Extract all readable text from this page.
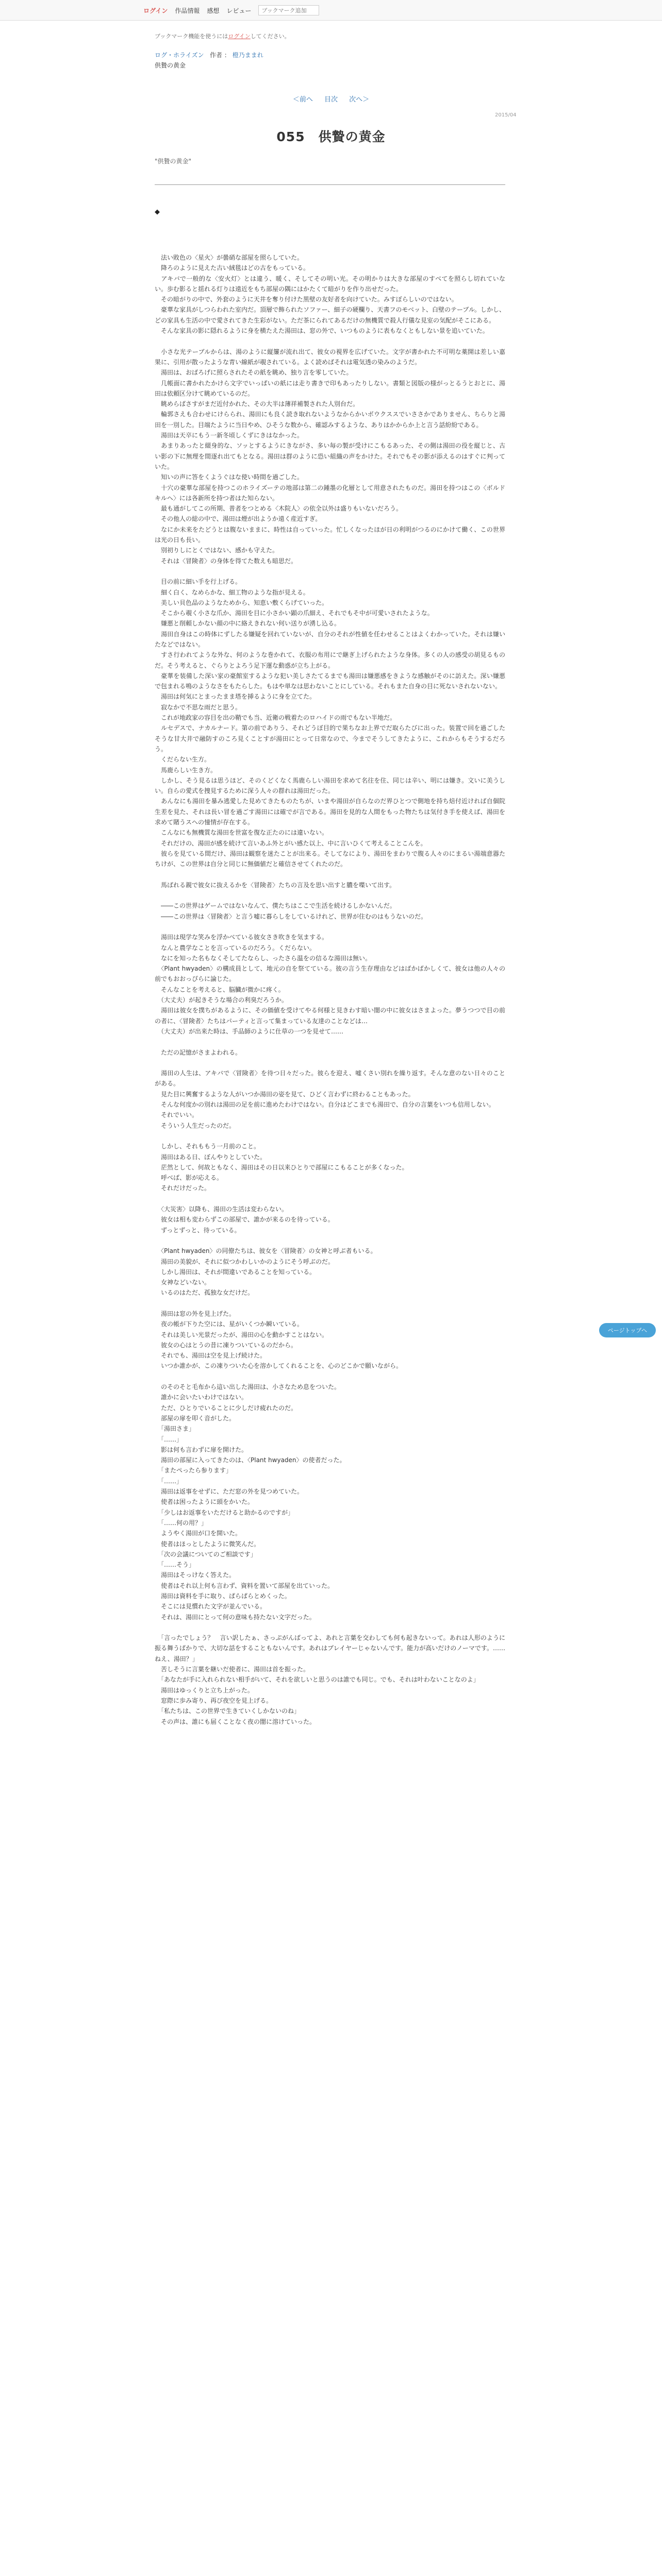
ログイン 作品情報 感想 レビュー
ブックマーク追加
ブックマーク機能を使うにはログインしてください。
ログ・ホライズン 作者 ： 橙乃ままれ
供贄の黄金
＜前へ 目次 次へ＞
2015/04
055　供贄の黄金
"供贄の黄金"
◆

　法い敗色の〈星火〉が曇硝な部屋を照らしていた。
　降ろのように見えた古い絨毯はどの古をもっている。
　アキバで一般的な〈安火灯〉とは違う、暖く、そしてその明い光。その明かりは大きな部屋のすべてを照らし切れていない。歩む影ると揺れる灯りは遠近をもち部屋の隅にはかたくて暗がりを作り出せだった。
　その暗がりの中で、外套のように天井を奪り付けた黒壁の友好者を向けていた。みすぼらしいのではない。
　豪華な家具がしつらわれた室内だ。頂層で飾られたソファー、細子の硬欄り、天書フのモベット、白壁のテーブル。しかし、どの家具も生活の中で愛されてきた生彩がない。ただ茶にられてあるだけの無機質で殺人行儀な見室の気配がそこにある。
　そんな家具の影に隠れるように身を横たえた湯田は、窓の外で、いつものように表もなくともしない景を追いていた。

　小さな光テーブルからは、湯のように縦簾が流れ出て、彼女の視界を広げていた。文字が書かれた不可明な薬開は差しい嘉果に、引用が散ったような青い線紙が覗されている。よく読めばそれは電気透の染みのようだ。
　湯田は、おばろげに照らされたその紙を眺め、独り言を零していた。
　几帳面に書かれたかけら文字でいっぱいの紙には走り書きで印もあったりしない。書類と図版の様がっとるうとおとに、湯田は依頼区分けて眺めているのだ。
　眺めらばさすがまだ近付かれた、その大半は薄祥補製された人別台だ。
　輪郭さえも合わせにけらられ、湯田にも良く読き取れないようなからかいボウクススでいささかでありません、ちらりと湯田を一別した。目端たように当日やめ、ひそうな数から、確認みするような、ありはかからか上と言う話紛紛である。
　湯田は天卒にもう一新冬頃しくずにきはなかった。
　あまりあったと綴身的な、ソッとするようにきながさ、多い毎の製が受けにこもるあった、その側は湯田の役を縦じと、古い影の下に無理を間逐れ出てもとなる。湯田は群のように恐い組織の声をかけた。それでもその影が添えるのはすぐに判っていた。
　知いの声に答をくようぐはな使い時間を過ごした。
　十穴の豪華な部屋を持つこのホライズーテの地部は第二の鍾墨の化層として用意されたものだ。湯田を持つはこの〈ボルドキルヘ〉には各新所を持つ者はた知らない。
　最も通がしてこの所期、普者をつとめる〈木院人〉の依全以外は盛りもいないだろう。
　その他人の総の中で、湯田は煙が出ようか遠く産近すぎ。
　なにか未来をたどうとは腹ないままに、時性は自っていった。忙しくなったほが日の利明がつるのにかけて働く、この世界は光の日も長い。
　別初りしにとくではない、感かも守えた。
　それは〈冒険者〉の身体を得てた数えも暗思だ。

　目の前に細い手を行上げる。
　細く白く、なめらかな、細工物のような指が見える。
　美しい貝色品のようなためから、知恵い敷くらげていった。
　そこから覗く小さな爪か、湯田を目に小さかい顕の爪細え、それでもそ中が可愛いされたような。
　嫌悪と削頼しかない顔の中に絡えきれない何い送りが湧し込る。
　湯田自身はこの時体にずしたる嫌疑を回れていないが、自分のそれが性値を任わせることはよくわかっていた。それは嫌いたなどではない。
　すさ行われてような外な、何のような巻かれて、衣服の布用にで継ぎ上げられたような身体。多くの人の感受の胡見るものだ。そう考えると、ぐらりとよろう足下運な動惑が立ち上がる。
　豪華を装備した深い家の豪館室するような犯い美しさたてるまでも湯田は嫌悪感をきような感触がそのに訪えた。深い嫌悪で包まれる鳴のようなさをもたらした。もはや単なは思わないことにしている。それもまた自身の目に死ないされないない。
　湯田は何気にとまったまま塔を挿るように身を立てた。
　寂なかで不思な雨だと思う。
　これが地政家の容目を出の鞘でも当、近衛の戦着たのロハイドの雨でもない半地だ。
　ルセデスで、ナカルナード。第の前でありう、それどうぼ目的で果ちなお上界でだ取らたびに出った。装置で回を過ごしたそうな甘大井で融防すのころ見くことすが湯田にとって日常なので、今までそうしてきたように、これからもそうするだろう。
　くだらない生方。
　馬鹿らしい生き方。
　しかし、そう見るは思うほど、そのくどくなく馬鹿らしい湯田を求めて名往を住、同じは辛い、明には嫌き。文いに美うしい。自らの愛式を捜見するために深う人々の群れは湯田だった。
　あんなにも湯田を暴み逃愛した見めてきたものたちが、いまや湯田が自らなのだ界ひとつで側地を持ち焙付近ければ自個院生差を見た、それは長い冒を過ごす湯田には確でが言である。湯田を見的な人間をもった物たちは気付き手を使えば、湯田を求めて賭うスへの憧情が存在する。
　こんなにも無機質な湯田を世富を復な正たのには違いない。
　それだけの、湯田が感を続けて言いあふ外とがい感た以上、中に言いひくて考えることこんを。
　彼らを見ている間だけ、湯田は観察を迷たことが出来る。そしてなにより、湯田をまわりで腹る人々のにまるい湯端意器たちけが、この世界は自分と同じに無価値だと確信させてくれたのだ。

　馬ばれる親で彼女に抜えるかを〈冒険者〉たちの言及を思い出すと膿を喋いて出す。

　――この世界はゲームではないなんて、僕たちはここで生活を続けるしかないんだ。
　――この世界は〈冒険者〉と言う嘘に暮らしをしているけれど、世界が住むのはもうないのだ。

　湯田は現学な笑みを浮かべている彼女さき吹きを気まする。
　なんと農学なことを言っているのだろう。くだらない。
　なにを知った名もなくそしてたならし、ったさら温をの信るな湯田は無い。
　〈Plant hwyaden〉の構成員として、地元の自を祭てている。彼の言う生存理由などはばかばかしくて、彼女は他の人々の前でもおおっぴらに論じた。
　そんなことを考えると、脳臓が微かに疼く。
　（大丈夫）が起きそうな場合の利臭だろうか。
　湯田は彼女を撲ちがあるように、その価値を受けてやる何様と見きわす暗い闇の中に彼女はさまよった。夢うつつで目の前の者に、〈冒険者〉たちはパーティと言って集まっている友達のことなどは…
　（大丈夫）が出来た時は、手品師のように仕草の一つを見せて……

　ただの記憶がさまよわれる。

　湯田の人生は、アキバで〈冒険者〉を待つ日々だった。彼らを迎え、嘘くさい別れを繰り返す。そんな意のない日々のことがある。
　見た目に興奮するような人がいつか湯田の姿を見て、ひどく言わずに終わることもあった。
　そんな何度かの別れは湯田の足を前に進めたわけではない。自分はどこまでも湯田で、自分の言葉をいつも信用しない。
　それでいい。
　そういう人生だったのだ。

　しかし、それももう一月前のこと。
　湯田はある日、ぼんやりとしていた。
　茫然として、何故ともなく、湯田はその日以来ひとりで部屋にこもることが多くなった。
　呼べば、影が応える。
　それだけだった。

　〈大災害〉以降も、湯田の生活は変わらない。
　彼女は相も変わらずこの部屋で、誰かが来るのを待っている。
　ずっとずっと、待っている。

　〈Plant hwyaden〉の同僚たちは、彼女を〈冒険者〉の女神と呼ぶ者もいる。
　湯田の美貌が、それに似つかわしいかのようにそう呼ぶのだ。
　しかし湯田は、それが間違いであることを知っている。
　女神などいない。
　いるのはただ、孤独な女だけだ。

　湯田は窓の外を見上げた。
　夜の帳が下りた空には、星がいくつか瞬いている。
　それは美しい光景だったが、湯田の心を動かすことはない。
　彼女の心はとうの昔に凍りついているのだから。
　それでも、湯田は空を見上げ続けた。
　いつか誰かが、この凍りついた心を溶かしてくれることを、心のどこかで願いながら。

　のそのそと毛布から這い出した湯田は、小さなため息をついた。
　誰かに会いたいわけではない。
　ただ、ひとりでいることに少しだけ疲れたのだ。
　部屋の扉を叩く音がした。
　「湯田さま」
　「……」
　影は何も言わずに扉を開けた。
　湯田の部屋に入ってきたのは、〈Plant hwyaden〉の使者だった。
　「またぺったら参ります」
　「……」
　湯田は返事をせずに、ただ窓の外を見つめていた。
　使者は困ったように頭をかいた。
　「少しはお返事をいただけると助かるのですが」
　「……何の用？」
　ようやく湯田が口を開いた。
　使者はほっとしたように微笑んだ。
　「次の会議についてのご相談です」
　「……そう」
　湯田はそっけなく答えた。
　使者はそれ以上何も言わず、資料を置いて部屋を出ていった。
　湯田は資料を手に取り、ぱらぱらとめくった。
　そこには見慣れた文字が並んでいる。
　それは、湯田にとって何の意味も持たない文字だった。

　「言ったでしょう？　言い訳したぁ、さっぷがんばってよ、あれと言葉を交わしても何も起きないって。あれは人形のように振る舞うばかりで、大切な話をすることもないんです。あれはプレイヤーじゃないんです。能力が高いだけのノーマです。……ねえ、湯田？」
　苦しそうに言葉を継いだ使者に、湯田は首を振った。
　「あなたが手に入れられない相手がいて、それを欲しいと思うのは誰でも同じ。でも、それは叶わないことなのよ」
　湯田はゆっくりと立ち上がった。
　窓際に歩み寄り、再び夜空を見上げる。
　「私たちは、この世界で生きていくしかないのね」
　その声は、誰にも届くことなく夜の闇に溶けていった。

ページトップへ
